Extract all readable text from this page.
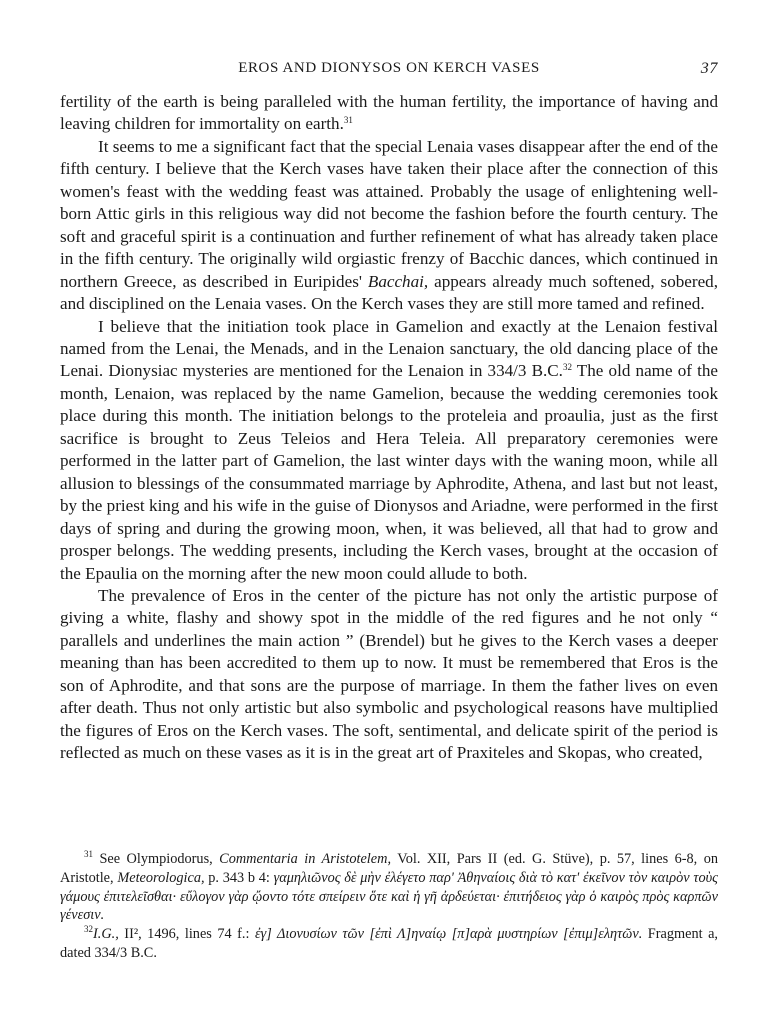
EROS AND DIONYSOS ON KERCH VASES	37

fertility of the earth is being paralleled with the human fertility, the importance of having and leaving children for immortality on earth.$^{31}$

It seems to me a significant fact that the special Lenaia vases disappear after the end of the fifth century. I believe that the Kerch vases have taken their place after the connection of this women's feast with the wedding feast was attained. Probably the usage of enlightening well-born Attic girls in this religious way did not become the fashion before the fourth century. The soft and graceful spirit is a continuation and further refinement of what has already taken place in the fifth century. The originally wild orgiastic frenzy of Bacchic dances, which continued in northern Greece, as described in Euripides' Bacchai, appears already much softened, sobered, and disciplined on the Lenaia vases. On the Kerch vases they are still more tamed and refined.

I believe that the initiation took place in Gamelion and exactly at the Lenaion festival named from the Lenai, the Menads, and in the Lenaion sanctuary, the old dancing place of the Lenai. Dionysiac mysteries are mentioned for the Lenaion in 334/3 B.C.$^{32}$ The old name of the month, Lenaion, was replaced by the name Gamelion, because the wedding ceremonies took place during this month. The initiation belongs to the proteleia and proaulia, just as the first sacrifice is brought to Zeus Teleios and Hera Teleia. All preparatory ceremonies were performed in the latter part of Gamelion, the last winter days with the waning moon, while all allusion to blessings of the consummated marriage by Aphrodite, Athena, and last but not least, by the priest king and his wife in the guise of Dionysos and Ariadne, were performed in the first days of spring and during the growing moon, when, it was believed, all that had to grow and prosper belongs. The wedding presents, including the Kerch vases, brought at the occasion of the Epaulia on the morning after the new moon could allude to both.

The prevalence of Eros in the center of the picture has not only the artistic purpose of giving a white, flashy and showy spot in the middle of the red figures and he not only “ parallels and underlines the main action ” (Brendel) but he gives to the Kerch vases a deeper meaning than has been accredited to them up to now. It must be remembered that Eros is the son of Aphrodite, and that sons are the purpose of marriage. In them the father lives on even after death. Thus not only artistic but also symbolic and psychological reasons have multiplied the figures of Eros on the Kerch vases. The soft, sentimental, and delicate spirit of the period is reflected as much on these vases as it is in the great art of Praxiteles and Skopas, who created,

$^{31}$ See Olympiodorus, Commentaria in Aristotelem, Vol. XII, Pars II (ed. G. Stüve), p. 57, lines 6-8, on Aristotle, Meteorologica, p. 343 b 4: γαμηλιῶνος δὲ μὴν ἐλέγετο παρ' Ἀθηναίοις διὰ τὸ κατ' ἐκεῖνον τὸν καιρὸν τοὺς γάμους ἐπιτελεῖσθαι· εὔλογον γὰρ ᾤοντο τότε σπείρειν ὅτε καὶ ἡ γῆ ἀρδεύεται· ἐπιτήδειος γὰρ ὁ καιρὸς πρὸς καρπῶν γένεσιν.

$^{32}$I.G., II², 1496, lines 74 f.: ἐγ] Διονυσίων τῶν [ἐπὶ Λ]ηναίῳ [π]αρὰ μυστηρίων [ἐπιμ]ελητῶν. Fragment a, dated 334/3 B.C.
